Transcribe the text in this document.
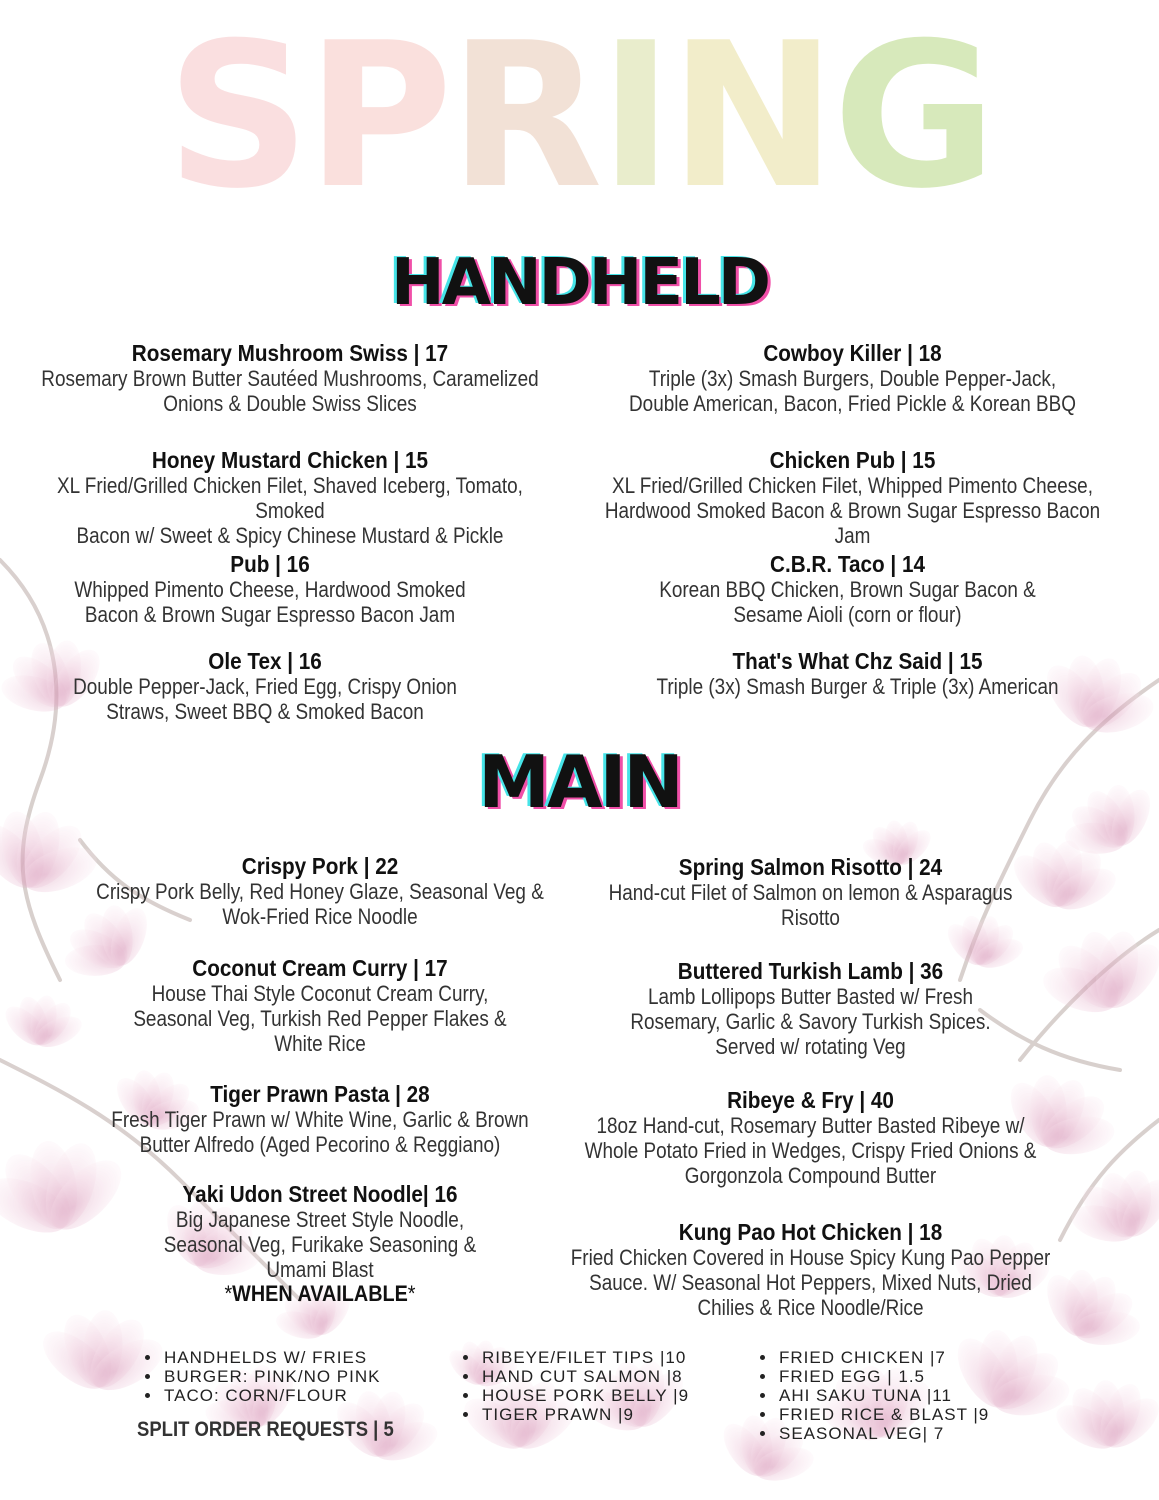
S P R I N G
HANDHELD
Rosemary Mushroom Swiss | 17
Rosemary Brown Butter Sautéed Mushrooms, Caramelized
Onions & Double Swiss Slices
Cowboy Killer | 18
Triple (3x) Smash Burgers, Double Pepper-Jack,
Double American, Bacon, Fried Pickle & Korean BBQ
Honey Mustard Chicken | 15
XL Fried/Grilled Chicken Filet, Shaved Iceberg, Tomato, Smoked
Bacon w/ Sweet & Spicy Chinese Mustard & Pickle
Chicken Pub | 15
XL Fried/Grilled Chicken Filet, Whipped Pimento Cheese,
Hardwood Smoked Bacon & Brown Sugar Espresso Bacon Jam
Pub | 16
Whipped Pimento Cheese, Hardwood Smoked
Bacon & Brown Sugar Espresso Bacon Jam
C.B.R. Taco | 14
Korean BBQ Chicken, Brown Sugar Bacon &
Sesame Aioli (corn or flour)
Ole Tex | 16
Double Pepper-Jack, Fried Egg, Crispy Onion
Straws, Sweet BBQ & Smoked Bacon
That's What Chz Said | 15
Triple (3x) Smash Burger & Triple (3x) American
MAIN
Crispy Pork | 22
Crispy Pork Belly, Red Honey Glaze, Seasonal Veg &
Wok-Fried Rice Noodle
Spring Salmon Risotto | 24
Hand-cut Filet of Salmon on lemon & Asparagus
Risotto
Coconut Cream Curry | 17
House Thai Style Coconut Cream Curry,
Seasonal Veg, Turkish Red Pepper Flakes &
White Rice
Buttered Turkish Lamb | 36
Lamb Lollipops Butter Basted w/ Fresh
Rosemary, Garlic & Savory Turkish Spices.
Served w/ rotating Veg
Tiger Prawn Pasta | 28
Fresh Tiger Prawn w/ White Wine, Garlic & Brown
Butter Alfredo (Aged Pecorino & Reggiano)
Ribeye & Fry | 40
18oz Hand-cut, Rosemary Butter Basted Ribeye w/
Whole Potato Fried in Wedges, Crispy Fried Onions &
Gorgonzola Compound Butter
Yaki Udon Street Noodle| 16
Big Japanese Street Style Noodle,
Seasonal Veg, Furikake Seasoning &
Umami Blast
*WHEN AVAILABLE*
Kung Pao Hot Chicken | 18
Fried Chicken Covered in House Spicy Kung Pao Pepper
Sauce. W/ Seasonal Hot Peppers, Mixed Nuts, Dried
Chilies & Rice Noodle/Rice
• HANDHELDS W/ FRIES
• BURGER: PINK/NO PINK
• TACO: CORN/FLOUR
SPLIT ORDER REQUESTS | 5
• RIBEYE/FILET TIPS |10
• HAND CUT SALMON |8
• HOUSE PORK BELLY |9
• TIGER PRAWN |9
• FRIED CHICKEN |7
• FRIED EGG | 1.5
• AHI SAKU TUNA |11
• FRIED RICE & BLAST |9
• SEASONAL VEG| 7
